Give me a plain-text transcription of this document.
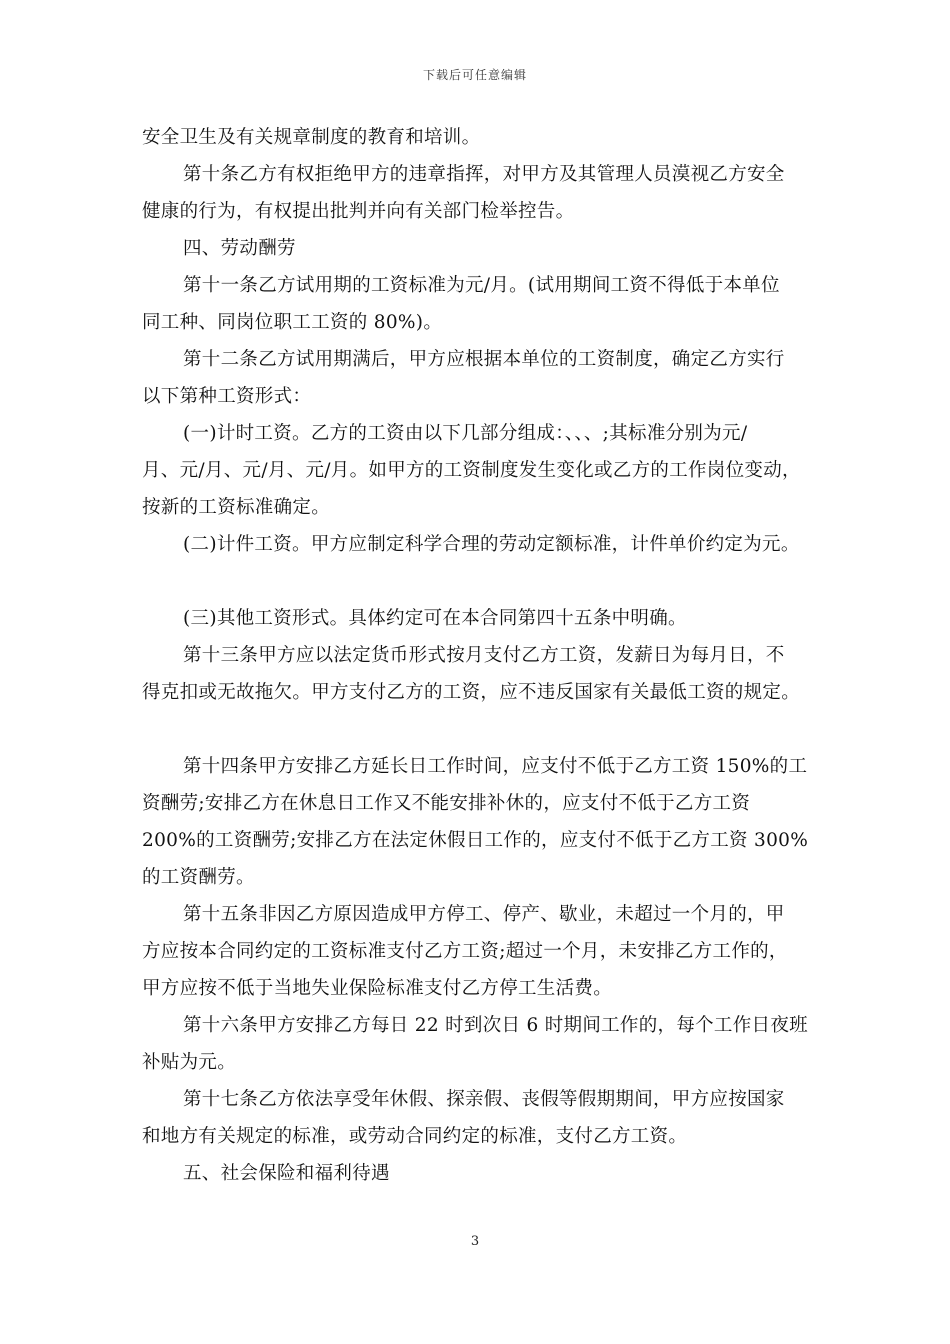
下载后可任意编辑
安全卫生及有关规章制度的教育和培训。
第十条乙方有权拒绝甲方的违章指挥，对甲方及其管理人员漠视乙方安全
健康的行为，有权提出批判并向有关部门检举控告。
四、劳动酬劳
第十一条乙方试用期的工资标准为元/月。(试用期间工资不得低于本单位
同工种、同岗位职工工资的 80%)。
第十二条乙方试用期满后，甲方应根据本单位的工资制度，确定乙方实行
以下第种工资形式：
(一)计时工资。乙方的工资由以下几部分组成：、、、;其标准分别为元/
月、元/月、元/月、元/月。如甲方的工资制度发生变化或乙方的工作岗位变动，
按新的工资标准确定。
(二)计件工资。甲方应制定科学合理的劳动定额标准，计件单价约定为元。
(三)其他工资形式。具体约定可在本合同第四十五条中明确。
第十三条甲方应以法定货币形式按月支付乙方工资，发薪日为每月日，不
得克扣或无故拖欠。甲方支付乙方的工资，应不违反国家有关最低工资的规定。
第十四条甲方安排乙方延长日工作时间，应支付不低于乙方工资 150%的工
资酬劳;安排乙方在休息日工作又不能安排补休的，应支付不低于乙方工资
200%的工资酬劳;安排乙方在法定休假日工作的，应支付不低于乙方工资 300%
的工资酬劳。
第十五条非因乙方原因造成甲方停工、停产、歇业，未超过一个月的，甲
方应按本合同约定的工资标准支付乙方工资;超过一个月，未安排乙方工作的，
甲方应按不低于当地失业保险标准支付乙方停工生活费。
第十六条甲方安排乙方每日 22 时到次日 6 时期间工作的，每个工作日夜班
补贴为元。
第十七条乙方依法享受年休假、探亲假、丧假等假期期间，甲方应按国家
和地方有关规定的标准，或劳动合同约定的标准，支付乙方工资。
五、社会保险和福利待遇
3
